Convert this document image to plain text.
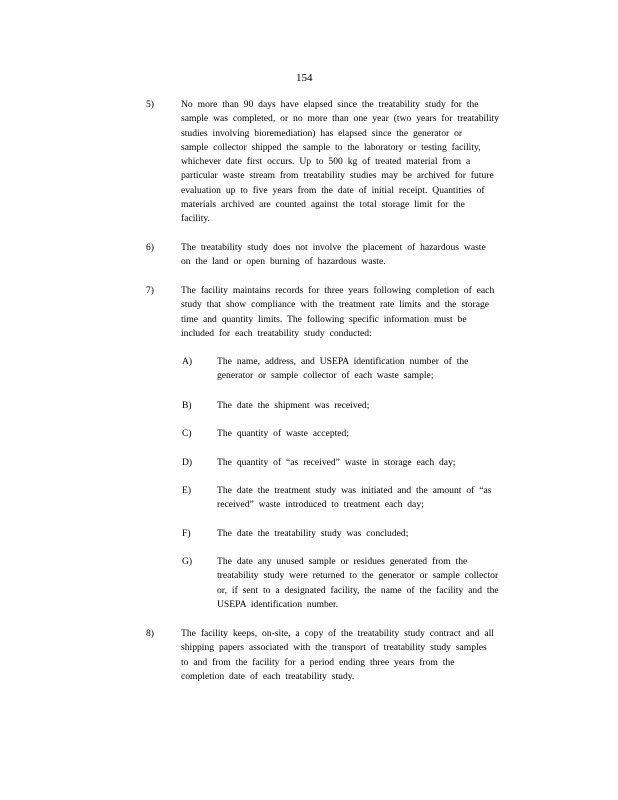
154
5)	No more than 90 days have elapsed since the treatability study for the
sample was completed, or no more than one year (two years for treatability
studies involving bioremediation) has elapsed since the generator or
sample collector shipped the sample to the laboratory or testing facility,
whichever date first occurs. Up to 500 kg of treated material from a
particular waste stream from treatability studies may be archived for future
evaluation up to five years from the date of initial receipt. Quantities of
materials archived are counted against the total storage limit for the
facility.
6)	The treatability study does not involve the placement of hazardous waste
on the land or open burning of hazardous waste.
7)	The facility maintains records for three years following completion of each
study that show compliance with the treatment rate limits and the storage
time and quantity limits. The following specific information must be
included for each treatability study conducted:
A)	The name, address, and USEPA identification number of the
generator or sample collector of each waste sample;
B)	The date the shipment was received;
C)	The quantity of waste accepted;
D)	The quantity of “as received” waste in storage each day;
E)	The date the treatment study was initiated and the amount of “as
received” waste introduced to treatment each day;
F)	The date the treatability study was concluded;
G)	The date any unused sample or residues generated from the
treatability study were returned to the generator or sample collector
or, if sent to a designated facility, the name of the facility and the
USEPA identification number.
8)	The facility keeps, on-site, a copy of the treatability study contract and all
shipping papers associated with the transport of treatability study samples
to and from the facility for a period ending three years from the
completion date of each treatability study.
